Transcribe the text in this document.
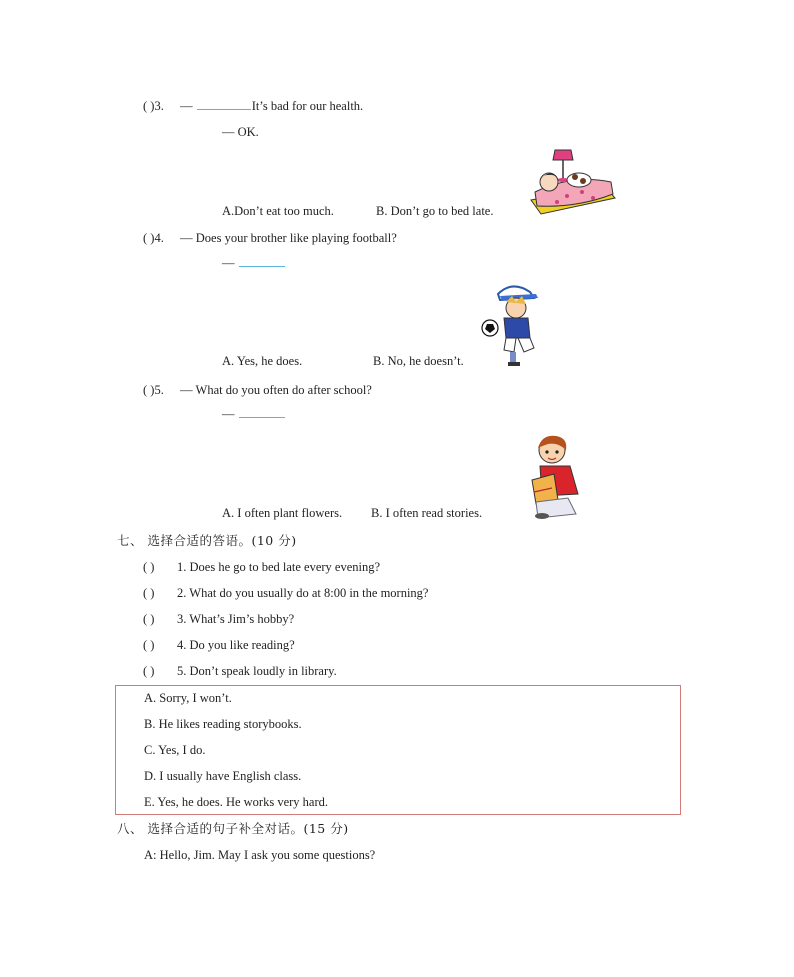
( )3. —	It’s bad for our health.
— OK.
A.Don’t eat too much.	B. Don’t go to bed late.
( )4. — Does your brother like playing football?
—
A. Yes, he does.	B. No, he doesn’t.
( )5. — What do you often do after school?
—
A. I often plant flowers. B. I often read stories.
七、 选择合适的答语。(10 分)
( ) 1. Does he go to bed late every evening?
( ) 2. What do you usually do at 8:00 in the morning?
( ) 3. What’s Jim’s hobby?
( ) 4. Do you like reading?
( ) 5. Don’t speak loudly in library.
A. Sorry, I won’t.
B. He likes reading storybooks.
C. Yes, I do.
D. I usually have English class.
E. Yes, he does. He works very hard.
八、 选择合适的句子补全对话。(15 分)
A: Hello, Jim. May I ask you some questions?
